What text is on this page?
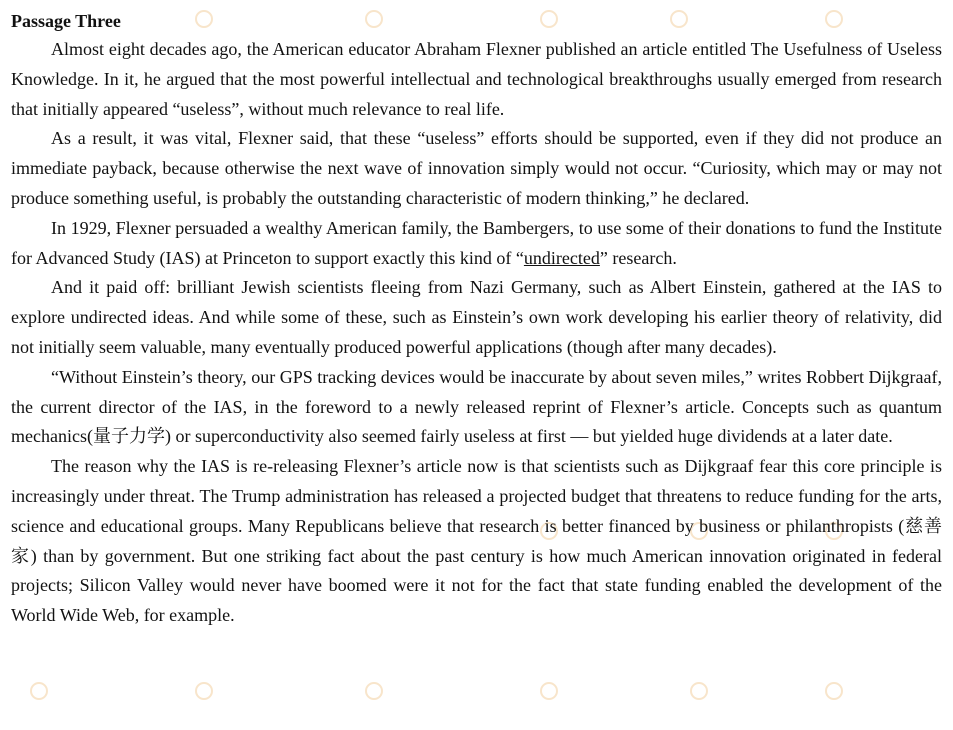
Passage Three

Almost eight decades ago, the American educator Abraham Flexner published an article entitled The Usefulness of Useless Knowledge. In it, he argued that the most powerful intellectual and technological breakthroughs usually emerged from research that initially appeared “useless”, without much relevance to real life.

As a result, it was vital, Flexner said, that these “useless” efforts should be supported, even if they did not produce an immediate payback, because otherwise the next wave of innovation simply would not occur. “Curiosity, which may or may not produce something useful, is probably the outstanding characteristic of modern thinking,” he declared.

In 1929, Flexner persuaded a wealthy American family, the Bambergers, to use some of their donations to fund the Institute for Advanced Study (IAS) at Princeton to support exactly this kind of “undirected” research.

And it paid off: brilliant Jewish scientists fleeing from Nazi Germany, such as Albert Einstein, gathered at the IAS to explore undirected ideas. And while some of these, such as Einstein’s own work developing his earlier theory of relativity, did not initially seem valuable, many eventually produced powerful applications (though after many decades).

“Without Einstein’s theory, our GPS tracking devices would be inaccurate by about seven miles,” writes Robbert Dijkgraaf, the current director of the IAS, in the foreword to a newly released reprint of Flexner’s article. Concepts such as quantum mechanics(量子力学) or superconductivity also seemed fairly useless at first — but yielded huge dividends at a later date.

The reason why the IAS is re-releasing Flexner’s article now is that scientists such as Dijkgraaf fear this core principle is increasingly under threat. The Trump administration has released a projected budget that threatens to reduce funding for the arts, science and educational groups. Many Republicans believe that research is better financed by business or philanthropists (慈善家) than by government. But one striking fact about the past century is how much American innovation originated in federal projects; Silicon Valley would never have boomed were it not for the fact that state funding enabled the development of the World Wide Web, for example.
